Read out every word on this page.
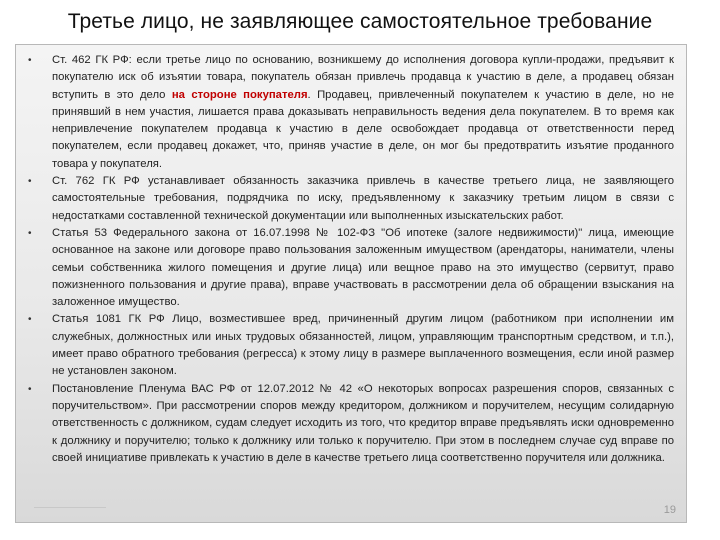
Третье лицо, не заявляющее самостоятельное требование
• Ст. 462 ГК РФ: если третье лицо по основанию, возникшему до исполнения договора купли-продажи, предъявит к покупателю иск об изъятии товара, покупатель обязан привлечь продавца к участию в деле, а продавец обязан вступить в это дело на стороне покупателя. Продавец, привлеченный покупателем к участию в деле, но не принявший в нем участия, лишается права доказывать неправильность ведения дела покупателем. В то время как непривлечение покупателем продавца к участию в деле освобождает продавца от ответственности перед покупателем, если продавец докажет, что, приняв участие в деле, он мог бы предотвратить изъятие проданного товара у покупателя.
• Ст. 762 ГК РФ устанавливает обязанность заказчика привлечь в качестве третьего лица, не заявляющего самостоятельные требования, подрядчика по иску, предъявленному к заказчику третьим лицом в связи с недостатками составленной технической документации или выполненных изыскательских работ.
• Статья 53 Федерального закона от 16.07.1998 № 102-ФЗ "Об ипотеке (залоге недвижимости)" лица, имеющие основанное на законе или договоре право пользования заложенным имуществом (арендаторы, наниматели, члены семьи собственника жилого помещения и другие лица) или вещное право на это имущество (сервитут, право пожизненного пользования и другие права), вправе участвовать в рассмотрении дела об обращении взыскания на заложенное имущество.
• Статья 1081 ГК РФ Лицо, возместившее вред, причиненный другим лицом (работником при исполнении им служебных, должностных или иных трудовых обязанностей, лицом, управляющим транспортным средством, и т.п.), имеет право обратного требования (регресса) к этому лицу в размере выплаченного возмещения, если иной размер не установлен законом.
• Постановление Пленума ВАС РФ от 12.07.2012 № 42 «О некоторых вопросах разрешения споров, связанных с поручительством». При рассмотрении споров между кредитором, должником и поручителем, несущим солидарную ответственность с должником, судам следует исходить из того, что кредитор вправе предъявлять иски одновременно к должнику и поручителю; только к должнику или только к поручителю. При этом в последнем случае суд вправе по своей инициативе привлекать к участию в деле в качестве третьего лица соответственно поручителя или должника.
19
